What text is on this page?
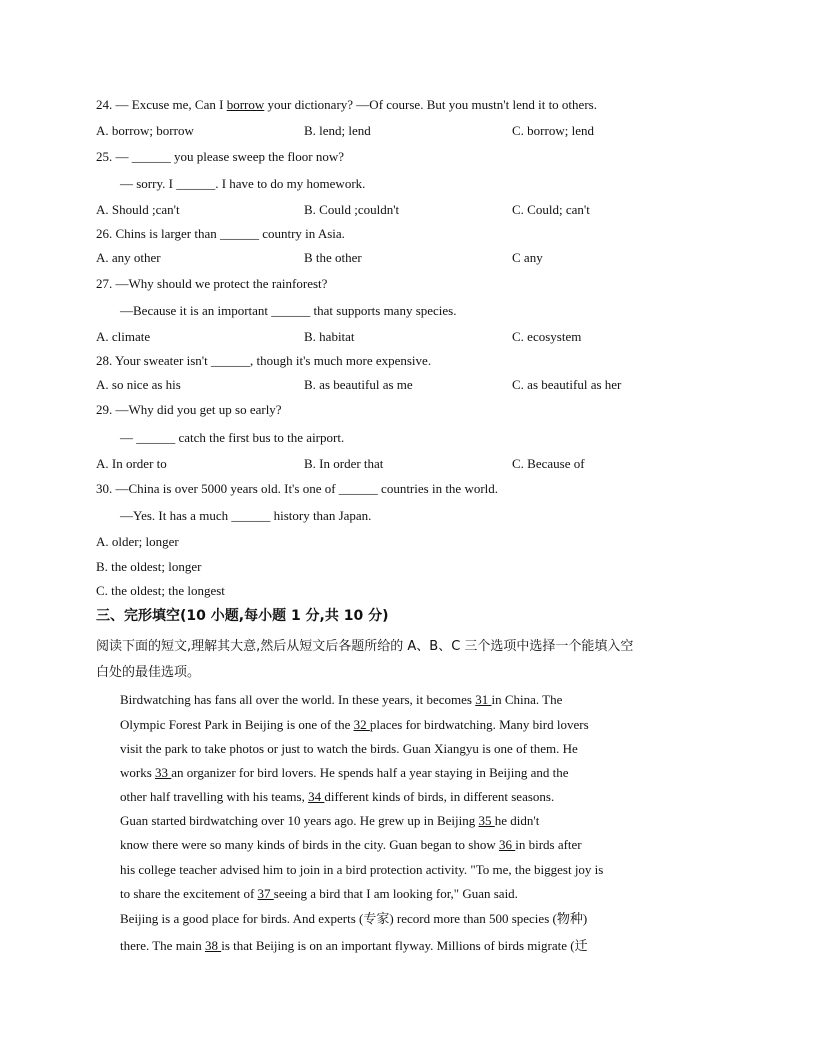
24. — Excuse me, Can I borrow your dictionary? —Of course. But you mustn't lend it to others.
A. borrow; borrow	B. lend; lend	C. borrow; lend
25. — ______ you please sweep the floor now?
— sorry. I ______. I have to do my homework.
A. Should ;can't	B. Could ;couldn't	C. Could; can't
26. Chins is larger than ______ country in Asia.
A. any other	B the other	C any
27. —Why should we protect the rainforest?
—Because it is an important ______ that supports many species.
A. climate	B. habitat	C. ecosystem
28. Your sweater isn't ______, though it's much more expensive.
A. so nice as his	B. as beautiful as me	C. as beautiful as her
29. —Why did you get up so early?
— ______ catch the first bus to the airport.
A. In order to	B. In order that	C. Because of
30. —China is over 5000 years old. It's one of ______ countries in the world.
—Yes. It has a much ______ history than Japan.
A. older; longer
B. the oldest; longer
C. the oldest; the longest
三、完形填空(10 小题,每小题 1 分,共 10 分)
阅读下面的短文,理解其大意,然后从短文后各题所给的 A、B、C 三个选项中选择一个能填入空
白处的最佳选项。
Birdwatching has fans all over the world. In these years, it becomes 31 in China. The
Olympic Forest Park in Beijing is one of the 32 places for birdwatching. Many bird lovers
visit the park to take photos or just to watch the birds. Guan Xiangyu is one of them. He
works 33 an organizer for bird lovers. He spends half a year staying in Beijing and the
other half travelling with his teams, 34 different kinds of birds, in different seasons.
Guan started birdwatching over 10 years ago. He grew up in Beijing 35 he didn't
know there were so many kinds of birds in the city. Guan began to show 36 in birds after
his college teacher advised him to join in a bird protection activity. "To me, the biggest joy is
to share the excitement of 37 seeing a bird that I am looking for," Guan said.
Beijing is a good place for birds. And experts (专家) record more than 500 species (物种)
there. The main 38 is that Beijing is on an important flyway. Millions of birds migrate (迁
